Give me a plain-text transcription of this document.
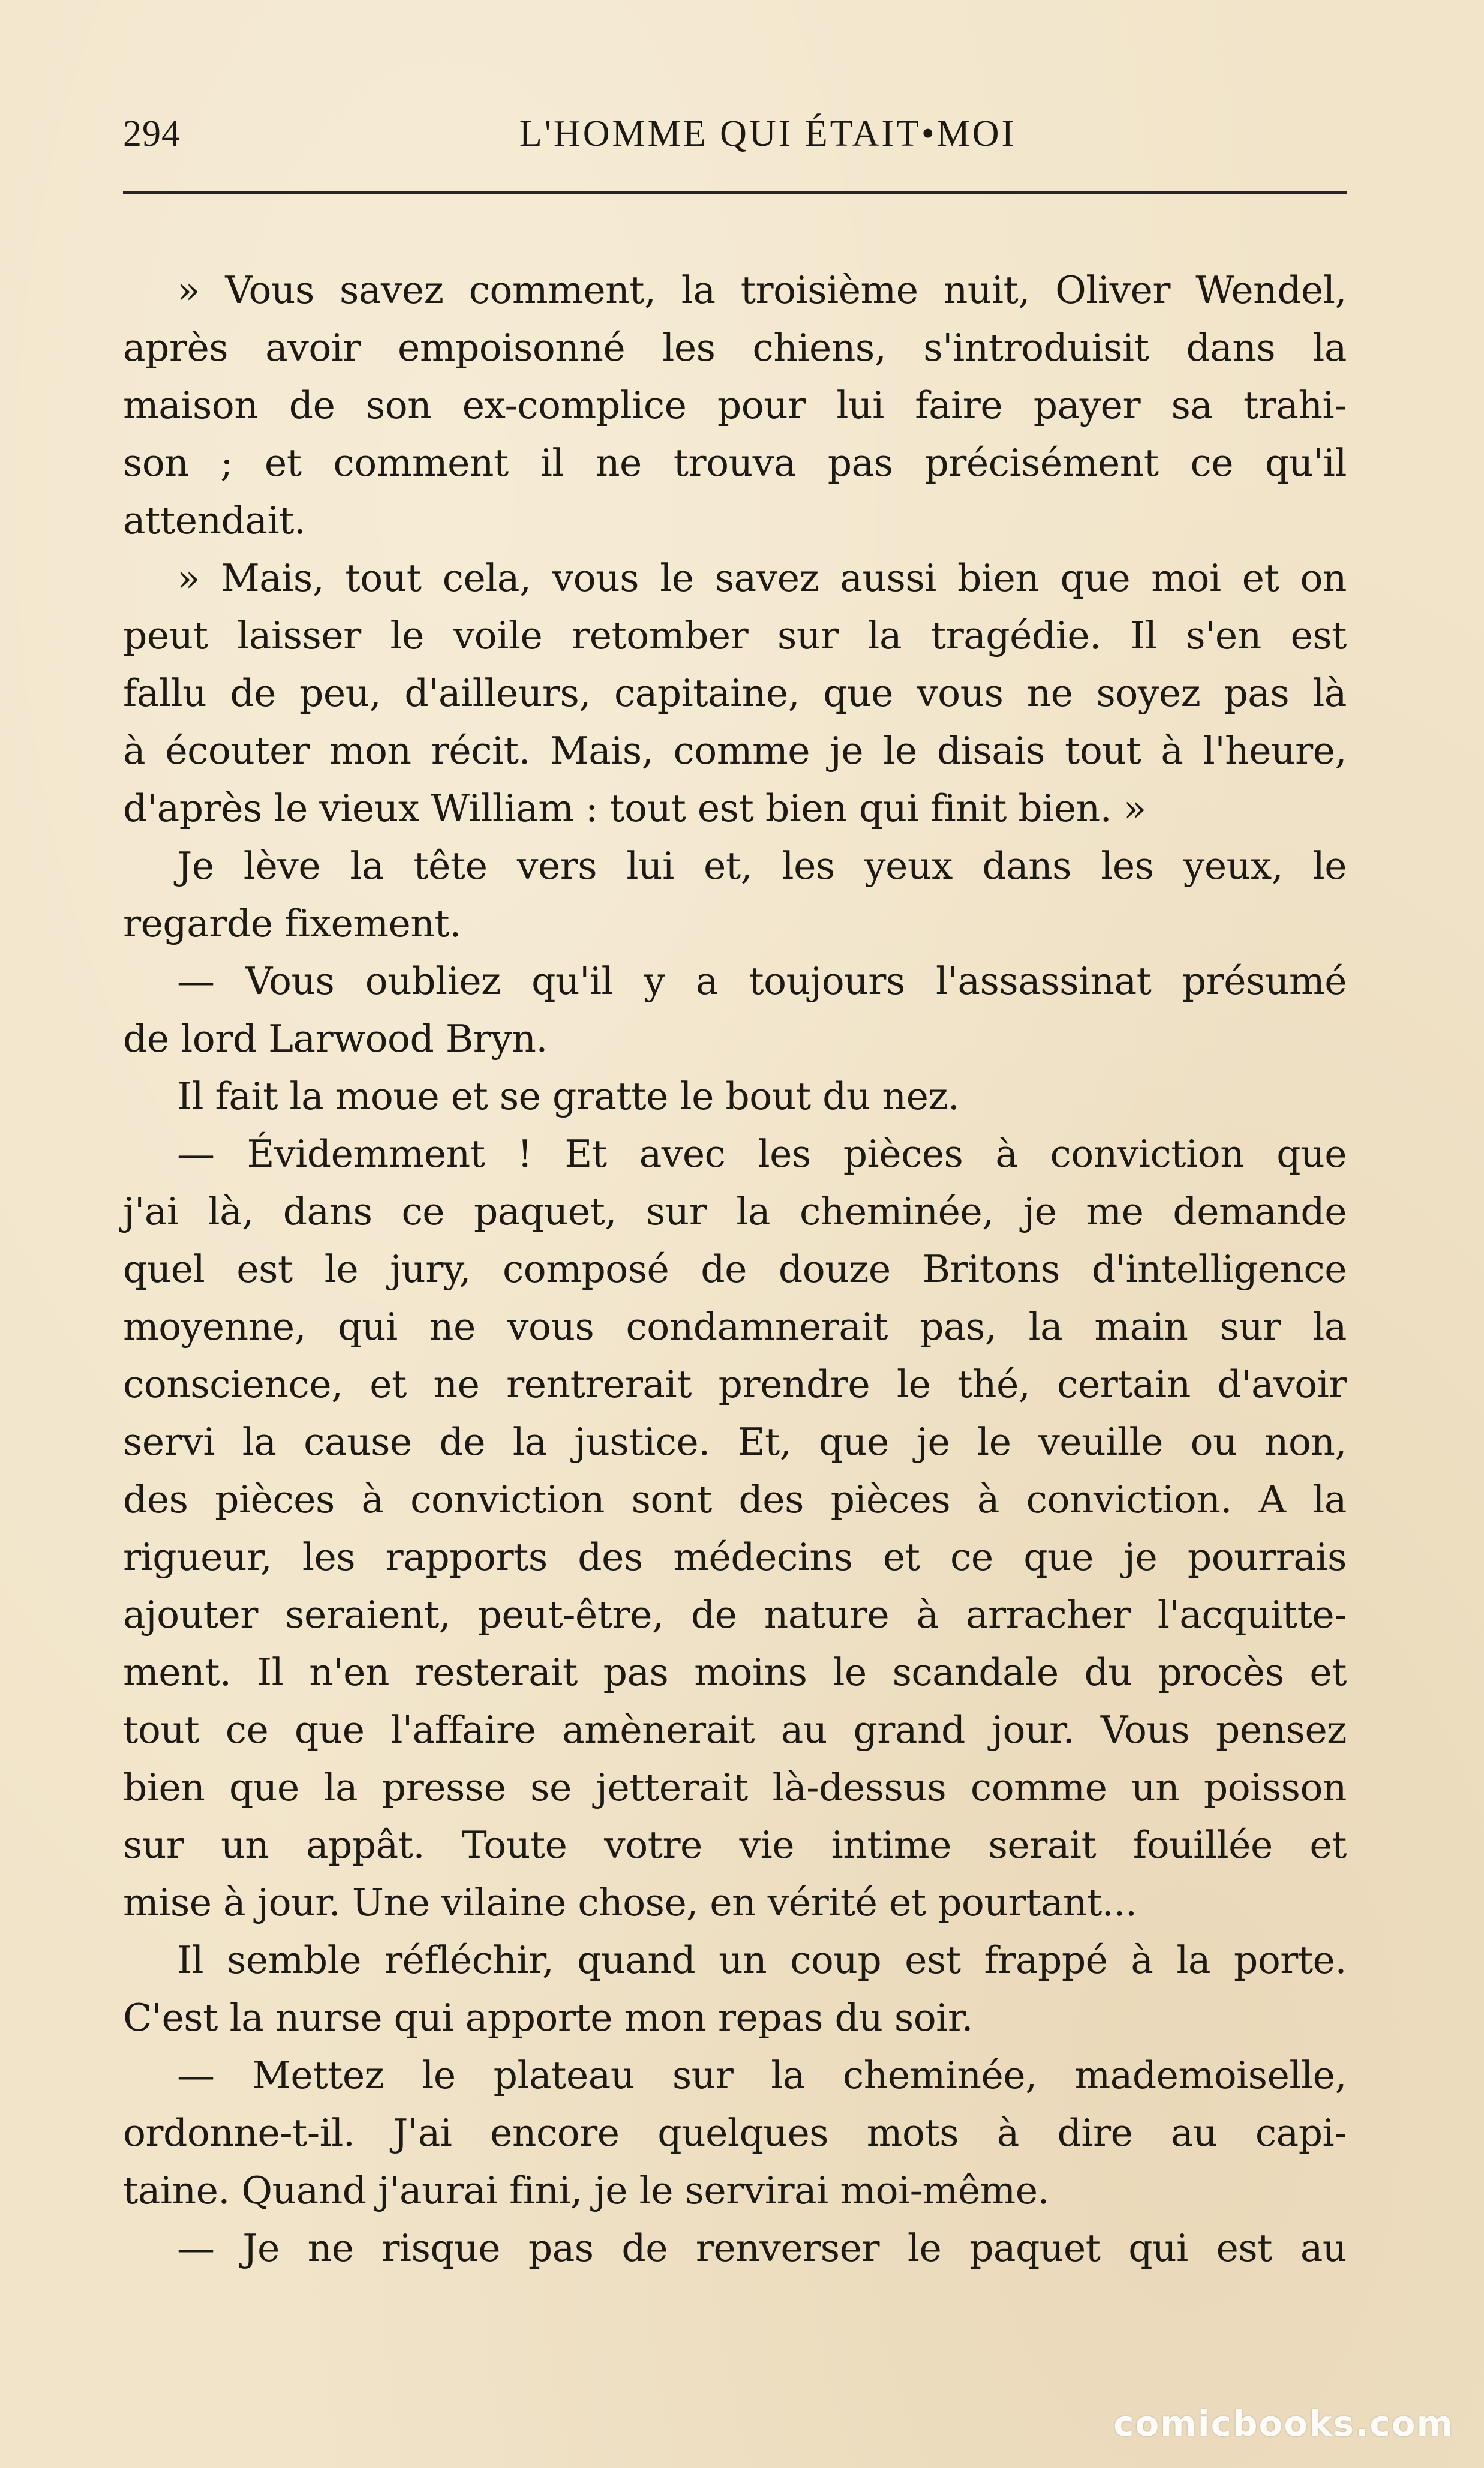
294	L'HOMME QUI ÉTAIT•MOI
» Vous savez comment, la troisième nuit, Oliver Wendel,
après avoir empoisonné les chiens, s'introduisit dans la
maison de son ex-complice pour lui faire payer sa trahi-
son ; et comment il ne trouva pas précisément ce qu'il
attendait.
» Mais, tout cela, vous le savez aussi bien que moi et on
peut laisser le voile retomber sur la tragédie. Il s'en est
fallu de peu, d'ailleurs, capitaine, que vous ne soyez pas là
à écouter mon récit. Mais, comme je le disais tout à l'heure,
d'après le vieux William : tout est bien qui finit bien. »
Je lève la tête vers lui et, les yeux dans les yeux, le
regarde fixement.
— Vous oubliez qu'il y a toujours l'assassinat présumé
de lord Larwood Bryn.
Il fait la moue et se gratte le bout du nez.
— Évidemment ! Et avec les pièces à conviction que
j'ai là, dans ce paquet, sur la cheminée, je me demande
quel est le jury, composé de douze Britons d'intelligence
moyenne, qui ne vous condamnerait pas, la main sur la
conscience, et ne rentrerait prendre le thé, certain d'avoir
servi la cause de la justice. Et, que je le veuille ou non,
des pièces à conviction sont des pièces à conviction. A la
rigueur, les rapports des médecins et ce que je pourrais
ajouter seraient, peut-être, de nature à arracher l'acquitte-
ment. Il n'en resterait pas moins le scandale du procès et
tout ce que l'affaire amènerait au grand jour. Vous pensez
bien que la presse se jetterait là-dessus comme un poisson
sur un appât. Toute votre vie intime serait fouillée et
mise à jour. Une vilaine chose, en vérité et pourtant...
Il semble réfléchir, quand un coup est frappé à la porte.
C'est la nurse qui apporte mon repas du soir.
— Mettez le plateau sur la cheminée, mademoiselle,
ordonne-t-il. J'ai encore quelques mots à dire au capi-
taine. Quand j'aurai fini, je le servirai moi-même.
— Je ne risque pas de renverser le paquet qui est au
comicbooks.com
